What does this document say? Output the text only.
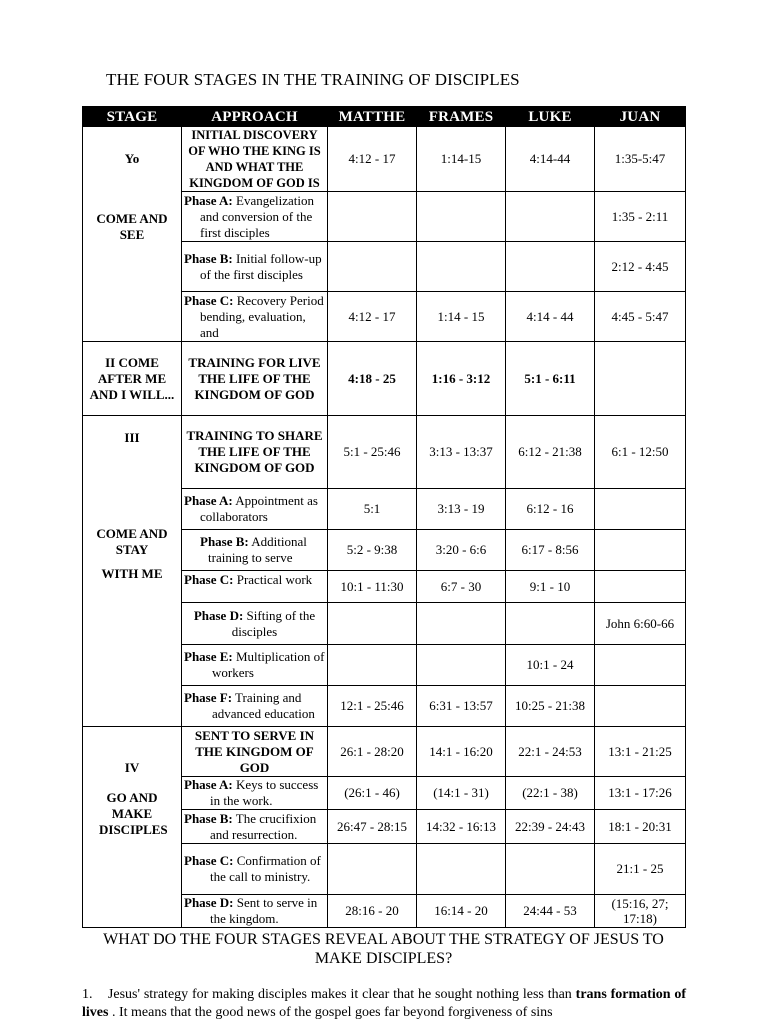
THE FOUR STAGES IN THE TRAINING OF DISCIPLES
STAGE	APPROACH	MATTHE	FRAMES	LUKE	JUAN

Yo
COME AND
SEE	INITIAL DISCOVERY OF WHO THE KING IS AND WHAT THE KINGDOM OF GOD IS	4:12 - 17	1:14-15	4:14-44	1:35-5:47

	Phase A: Evangelization and conversion of the first disciples				1:35 - 2:11

	Phase B: Initial follow-up of the first disciples				2:12 - 4:45

	Phase C: Recovery Period bending, evaluation, and	4:12 - 17	1:14 - 15	4:14 - 44	4:45 - 5:47
II COME AFTER ME AND I WILL...	TRAINING FOR LIVE THE LIFE OF THE KINGDOM OF GOD	4:18 - 25	1:16 - 3:12	5:1 - 6:11	

III
COME AND STAY
WITH ME	TRAINING TO SHARE THE LIFE OF THE KINGDOM OF GOD	5:1 - 25:46	3:13 - 13:37	6:12 - 21:38	6:1 - 12:50

	Phase A: Appointment as collaborators	5:1	3:13 - 19	6:12 - 16	

	Phase B: Additional training to serve	5:2 - 9:38	3:20 - 6:6	6:17 - 8:56	
	Phase C: Practical work	10:1 - 11:30	6:7 - 30	9:1 - 10	
	Phase D: Sifting of the disciples				John 6:60-66

	Phase E: Multiplication of workers			10:1 - 24	

	Phase F: Training and advanced education	12:1 - 25:46	6:31 - 13:57	10:25 - 21:38	

IV
GO AND MAKE DISCIPLES	SENT TO SERVE IN THE KINGDOM OF GOD	26:1 - 28:20	14:1 - 16:20	22:1 - 24:53	13:1 - 21:25

	Phase A: Keys to success in the work.	(26:1 - 46)	(14:1 - 31)	(22:1 - 38)	13:1 - 17:26

	Phase B: The crucifixion and resurrection.	26:47 - 28:15	14:32 - 16:13	22:39 - 24:43	18:1 - 20:31

	Phase C: Confirmation of the call to ministry.				21:1 - 25

	Phase D: Sent to serve in the kingdom.	28:16 - 20	16:14 - 20	24:44 - 53	(15:16, 27; 17:18)
WHAT DO THE FOUR STAGES REVEAL ABOUT THE STRATEGY OF JESUS TO MAKE DISCIPLES?
1. Jesus' strategy for making disciples makes it clear that he sought nothing less than trans formation of lives . It means that the good news of the gospel goes far beyond forgiveness of sins
